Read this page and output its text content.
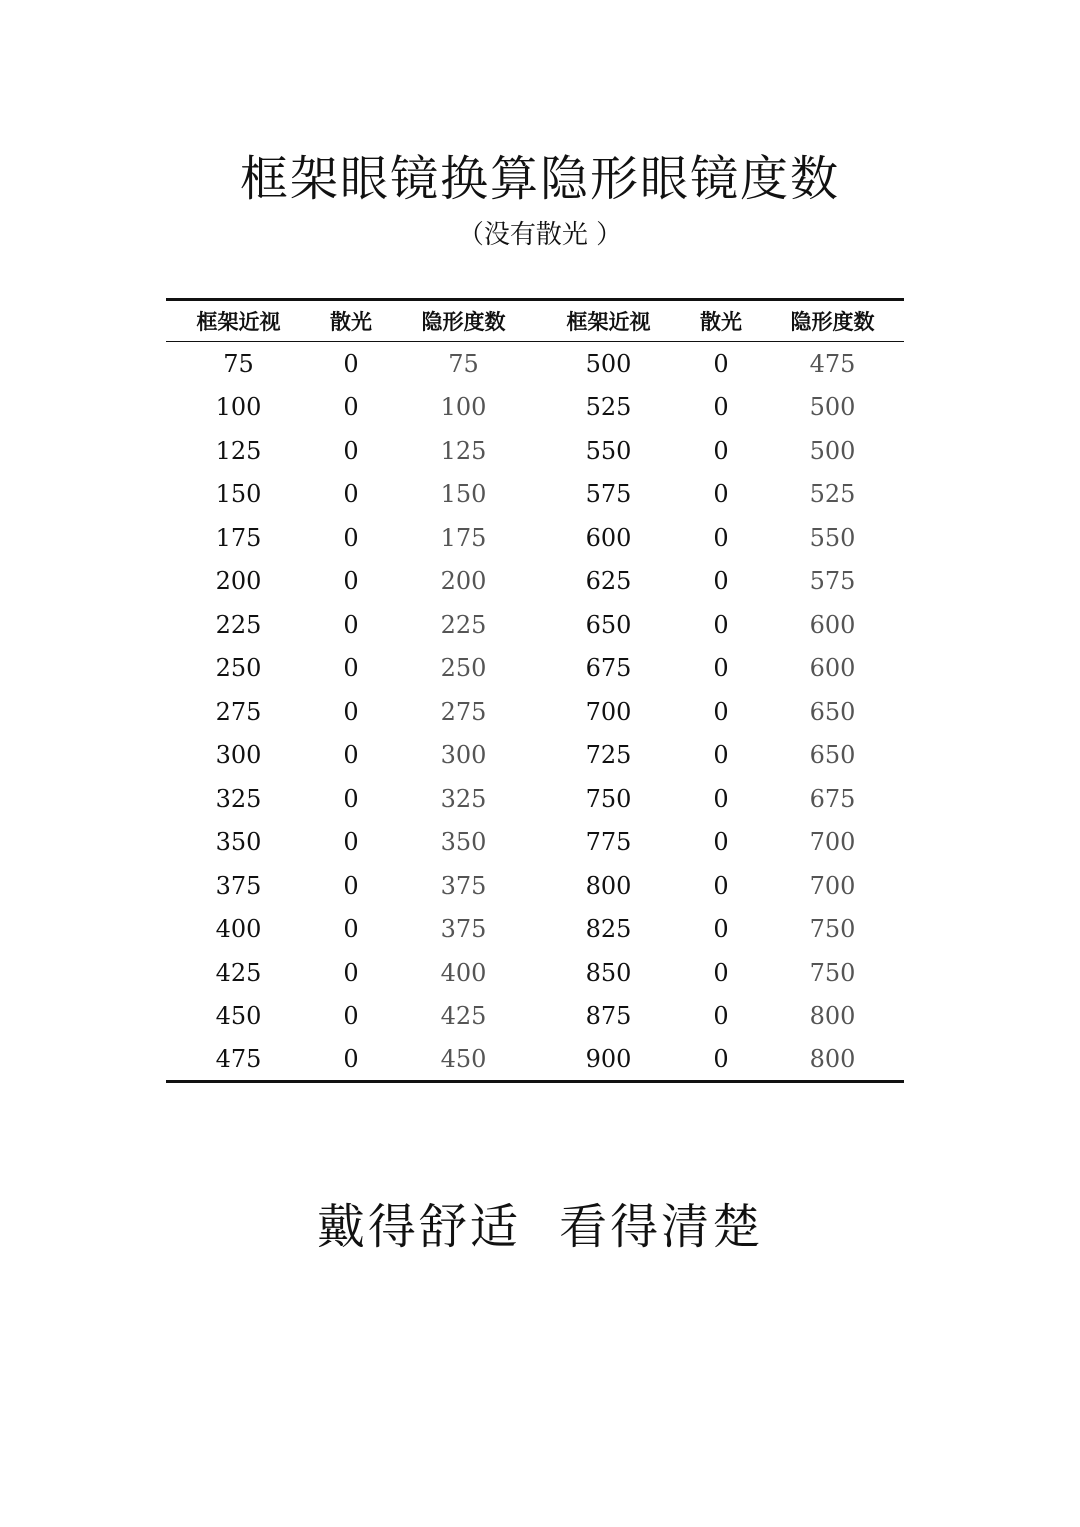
框架眼镜换算隐形眼镜度数
（没有散光 ）
框架近视	散光	隐形度数	框架近视	散光	隐形度数
75	0	75	500	0	475
100	0	100	525	0	500
125	0	125	550	0	500
150	0	150	575	0	525
175	0	175	600	0	550
200	0	200	625	0	575
225	0	225	650	0	600
250	0	250	675	0	600
275	0	275	700	0	650
300	0	300	725	0	650
325	0	325	750	0	675
350	0	350	775	0	700
375	0	375	800	0	700
400	0	375	825	0	750
425	0	400	850	0	750
450	0	425	875	0	800
475	0	450	900	0	800
戴得舒适 看得清楚
